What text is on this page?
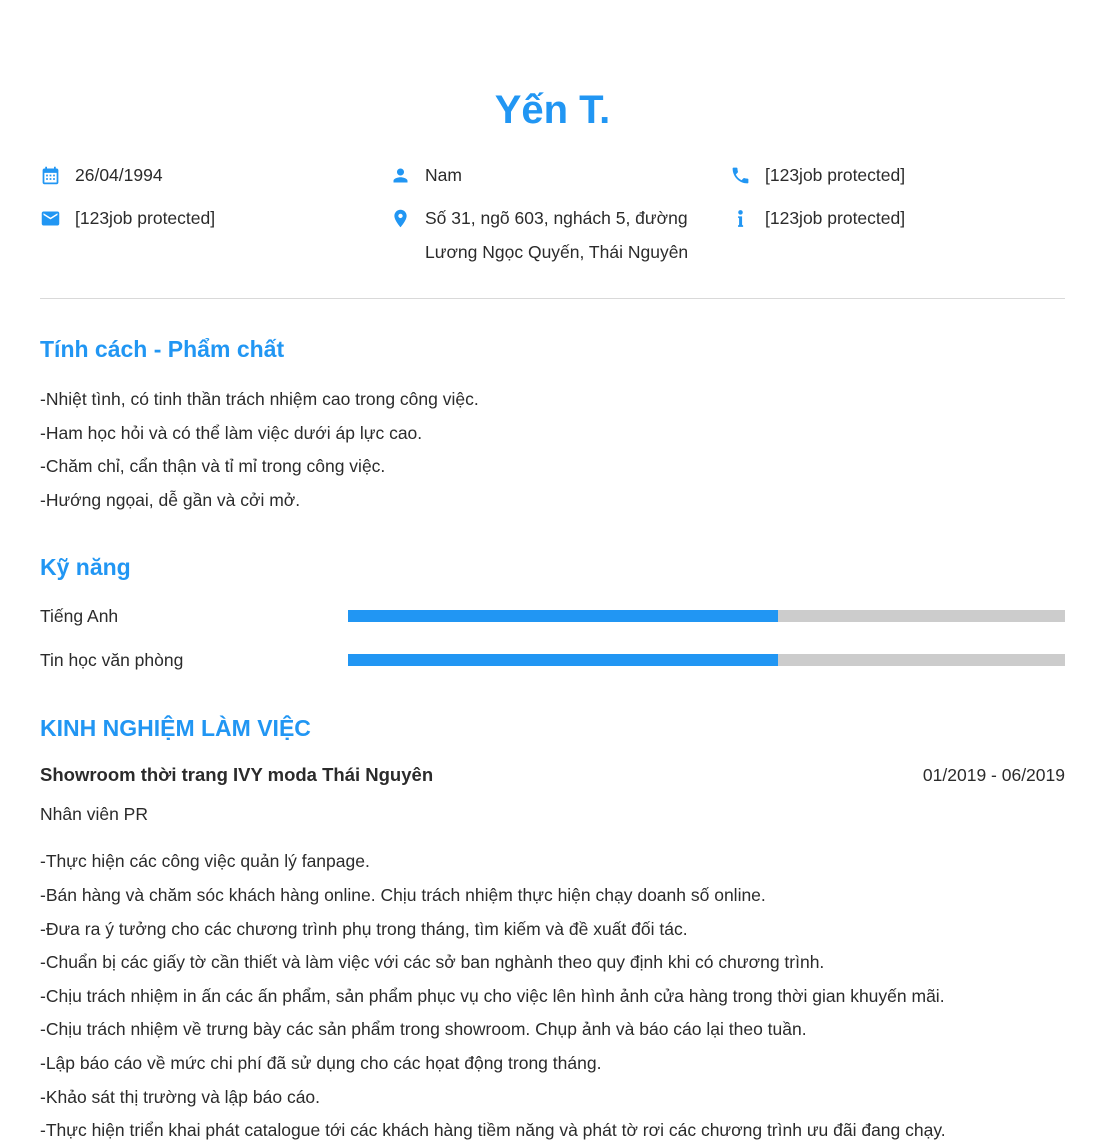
Yến T.
26/04/1994
[123job protected]
Nam
Số 31, ngõ 603, nghách 5, đường Lương Ngọc Quyến, Thái Nguyên
[123job protected]
[123job protected]
Tính cách - Phẩm chất
-Nhiệt tình, có tinh thần trách nhiệm cao trong công việc.
-Ham học hỏi và có thể làm việc dưới áp lực cao.
-Chăm chỉ, cẩn thận và tỉ mỉ trong công việc.
-Hướng ngọai, dễ gần và cởi mở.
Kỹ năng
Tiếng Anh
Tin học văn phòng
KINH NGHIỆM LÀM VIỆC
Showroom thời trang IVY moda Thái Nguyên	01/2019 - 06/2019
Nhân viên PR
-Thực hiện các công việc quản lý fanpage.
-Bán hàng và chăm sóc khách hàng online. Chịu trách nhiệm thực hiện chạy doanh số online.
-Đưa ra ý tưởng cho các chương trình phụ trong tháng, tìm kiếm và đề xuất đối tác.
-Chuẩn bị các giấy tờ cần thiết và làm việc với các sở ban nghành theo quy định khi có chương trình.
-Chịu trách nhiệm in ấn các ấn phẩm, sản phẩm phục vụ cho việc lên hình ảnh cửa hàng trong thời gian khuyến mãi.
-Chịu trách nhiệm về trưng bày các sản phẩm trong showroom. Chụp ảnh và báo cáo lại theo tuần.
-Lập báo cáo về mức chi phí đã sử dụng cho các họat động trong tháng.
-Khảo sát thị trường và lập báo cáo.
-Thực hiện triển khai phát catalogue tới các khách hàng tiềm năng và phát tờ rơi các chương trình ưu đãi đang chạy.
